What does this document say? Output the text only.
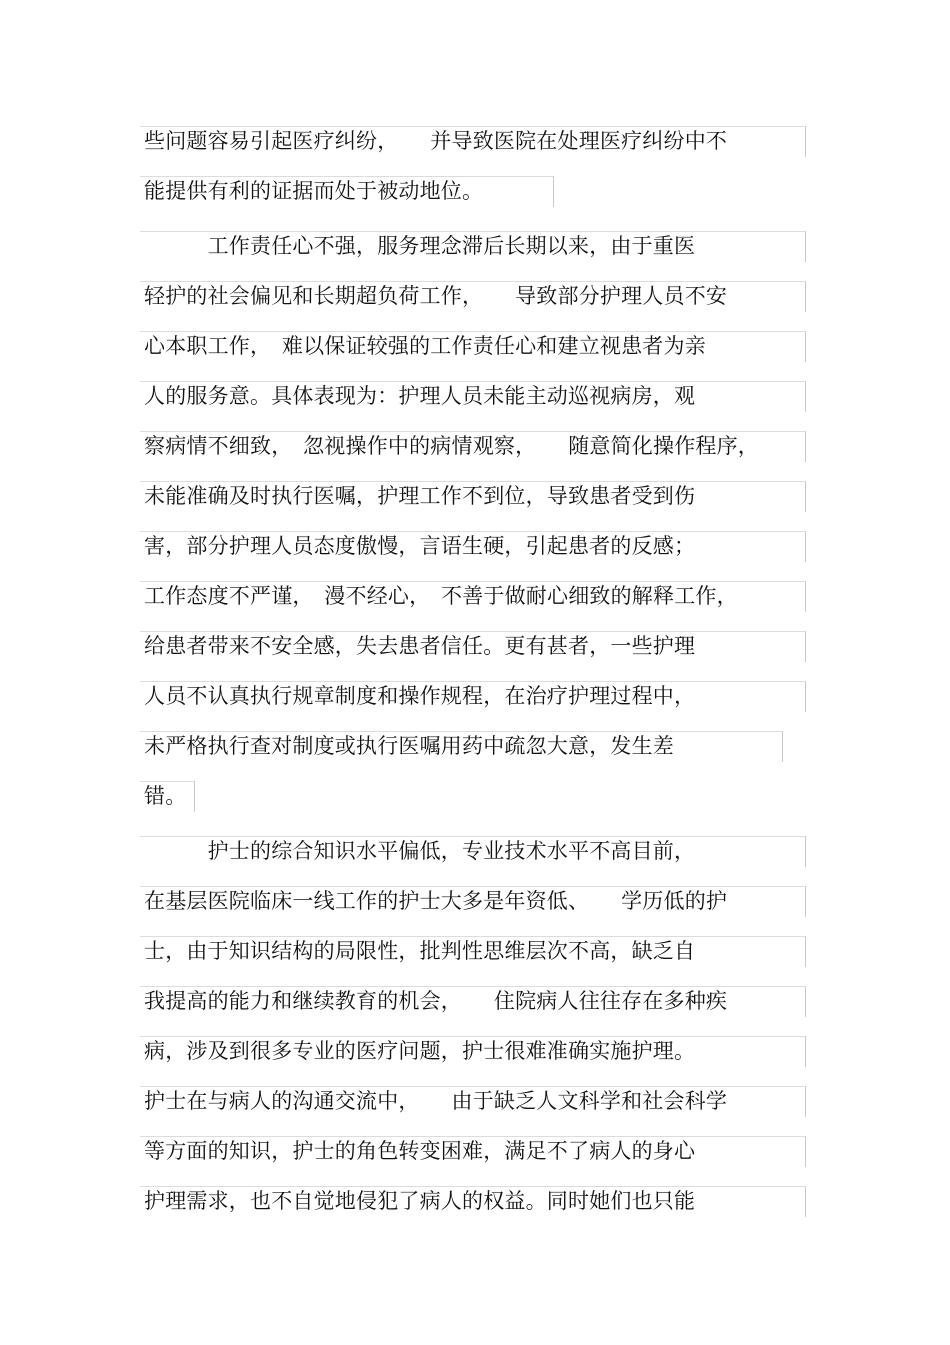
些问题容易引起医疗纠纷，　　并导致医院在处理医疗纠纷中不
能提供有利的证据而处于被动地位。
　　　工作责任心不强，服务理念滞后长期以来，由于重医
轻护的社会偏见和长期超负荷工作，　　导致部分护理人员不安
心本职工作，　难以保证较强的工作责任心和建立视患者为亲
人的服务意。具体表现为：护理人员未能主动巡视病房，观
察病情不细致，　忽视操作中的病情观察，　　随意简化操作程序，
未能准确及时执行医嘱，护理工作不到位，导致患者受到伤
害，部分护理人员态度傲慢，言语生硬，引起患者的反感；
工作态度不严谨，　漫不经心，　不善于做耐心细致的解释工作，
给患者带来不安全感，失去患者信任。更有甚者，一些护理
人员不认真执行规章制度和操作规程，在治疗护理过程中，
未严格执行查对制度或执行医嘱用药中疏忽大意，发生差
错。
　　　护士的综合知识水平偏低，专业技术水平不高目前，
在基层医院临床一线工作的护士大多是年资低、　　学历低的护
士，由于知识结构的局限性，批判性思维层次不高，缺乏自
我提高的能力和继续教育的机会，　　住院病人往往存在多种疾
病，涉及到很多专业的医疗问题，护士很难准确实施护理。
护士在与病人的沟通交流中，　　由于缺乏人文科学和社会科学
等方面的知识，护士的角色转变困难，满足不了病人的身心
护理需求，也不自觉地侵犯了病人的权益。同时她们也只能
